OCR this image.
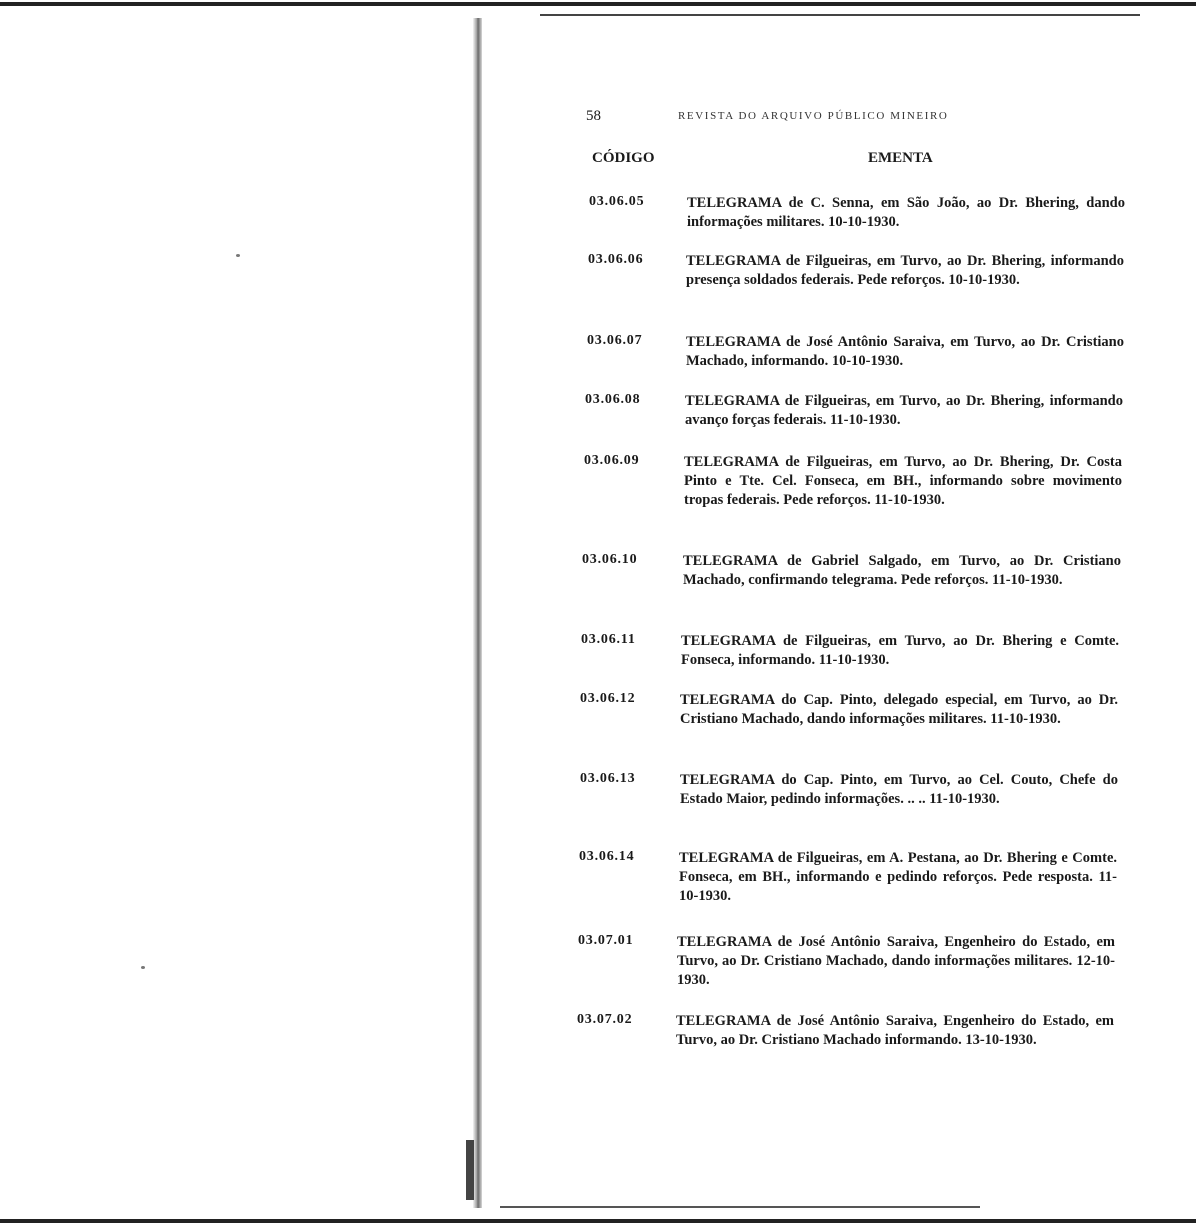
58	REVISTA DO ARQUIVO PÚBLICO MINEIRO
CÓDIGO	EMENTA
03.06.05	TELEGRAMA de C. Senna, em São João, ao Dr. Bhering, dando informações militares. 10-10-1930.
03.06.06	TELEGRAMA de Filgueiras, em Turvo, ao Dr. Bhering, informando presença soldados federais. Pede reforços. 10-10-1930.
03.06.07	TELEGRAMA de José Antônio Saraiva, em Turvo, ao Dr. Cristiano Machado, informando. 10-10-1930.
03.06.08	TELEGRAMA de Filgueiras, em Turvo, ao Dr. Bhering, informando avanço forças federais. 11-10-1930.
03.06.09	TELEGRAMA de Filgueiras, em Turvo, ao Dr. Bhering, Dr. Costa Pinto e Tte. Cel. Fonseca, em BH., informando sobre movimento tropas federais. Pede reforços. 11-10-1930.
03.06.10	TELEGRAMA de Gabriel Salgado, em Turvo, ao Dr. Cristiano Machado, confirmando telegrama. Pede reforços. 11-10-1930.
03.06.11	TELEGRAMA de Filgueiras, em Turvo, ao Dr. Bhering e Comte. Fonseca, informando. 11-10-1930.
03.06.12	TELEGRAMA do Cap. Pinto, delegado especial, em Turvo, ao Dr. Cristiano Machado, dando informações militares. 11-10-1930.
03.06.13	TELEGRAMA do Cap. Pinto, em Turvo, ao Cel. Couto, Chefe do Estado Maior, pedindo informações. .. .. 11-10-1930.
03.06.14	TELEGRAMA de Filgueiras, em A. Pestana, ao Dr. Bhering e Comte. Fonseca, em BH., informando e pedindo reforços. Pede resposta. 11-10-1930.
03.07.01	TELEGRAMA de José Antônio Saraiva, Engenheiro do Estado, em Turvo, ao Dr. Cristiano Machado, dando informações militares. 12-10-1930.
03.07.02	TELEGRAMA de José Antônio Saraiva, Engenheiro do Estado, em Turvo, ao Dr. Cristiano Machado informando. 13-10-1930.
